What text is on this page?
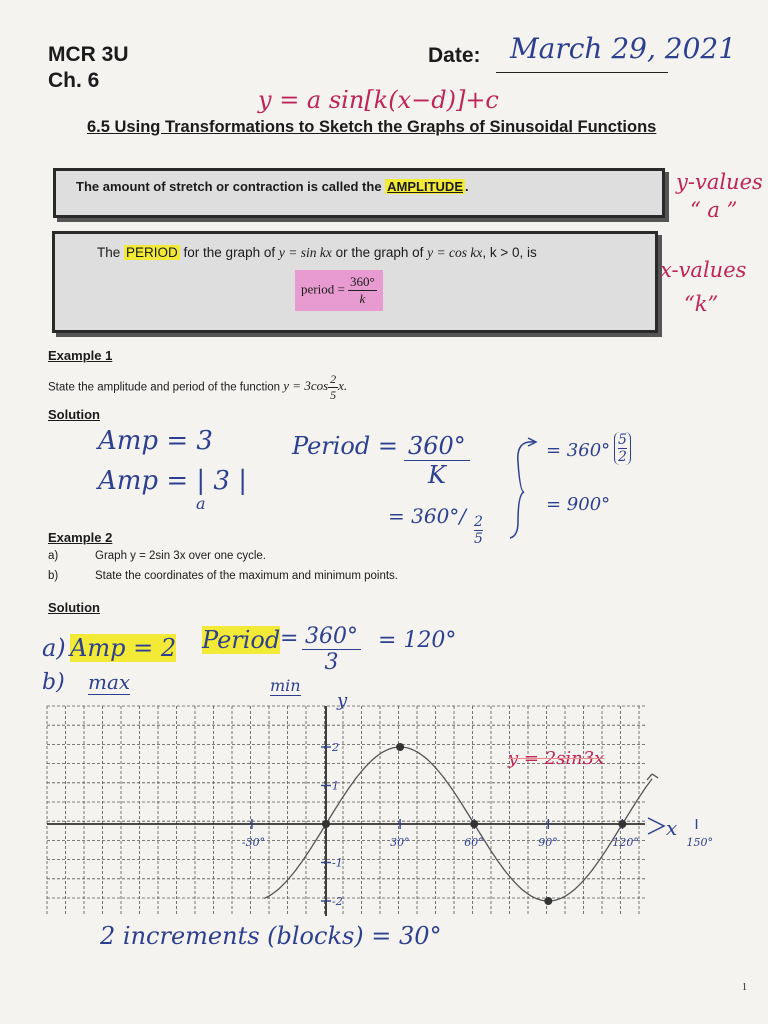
MCR 3U
Ch. 6
Date: March 29, 2021
y = a sin[k(x−d)]+c
6.5 Using Transformations to Sketch the Graphs of Sinusoidal Functions
The amount of stretch or contraction is called the AMPLITUDE .
The PERIOD for the graph of y = sin kx or the graph of y = cos kx, k > 0, is
period = $\frac{360^\circ}{k}$
y-values
“ a ”
x-values
“k”
Example 1
State the amplitude and period of the function $y = 3\cos \frac{2}{5} x$.
Solution
Amp = 3
Amp = | 3 |
a
Period = $\frac{360^\circ}{K}$
= $360^\circ/ \frac{2}{5}$
= $360^\circ \frac{5}{2}$
= 900°
Example 2
a)	Graph y = 2sin 3x over one cycle.
b)	State the coordinates of the maximum and minimum points.
Solution
a) Amp = 2 Period = $\frac{360^\circ}{3} = 120^\circ$
b) max	min
-30°	30°	60°	90°	120°	150°
2
1
-1
-2
y
x
y = 2sin3x
2 increments (blocks) = 30°
1
